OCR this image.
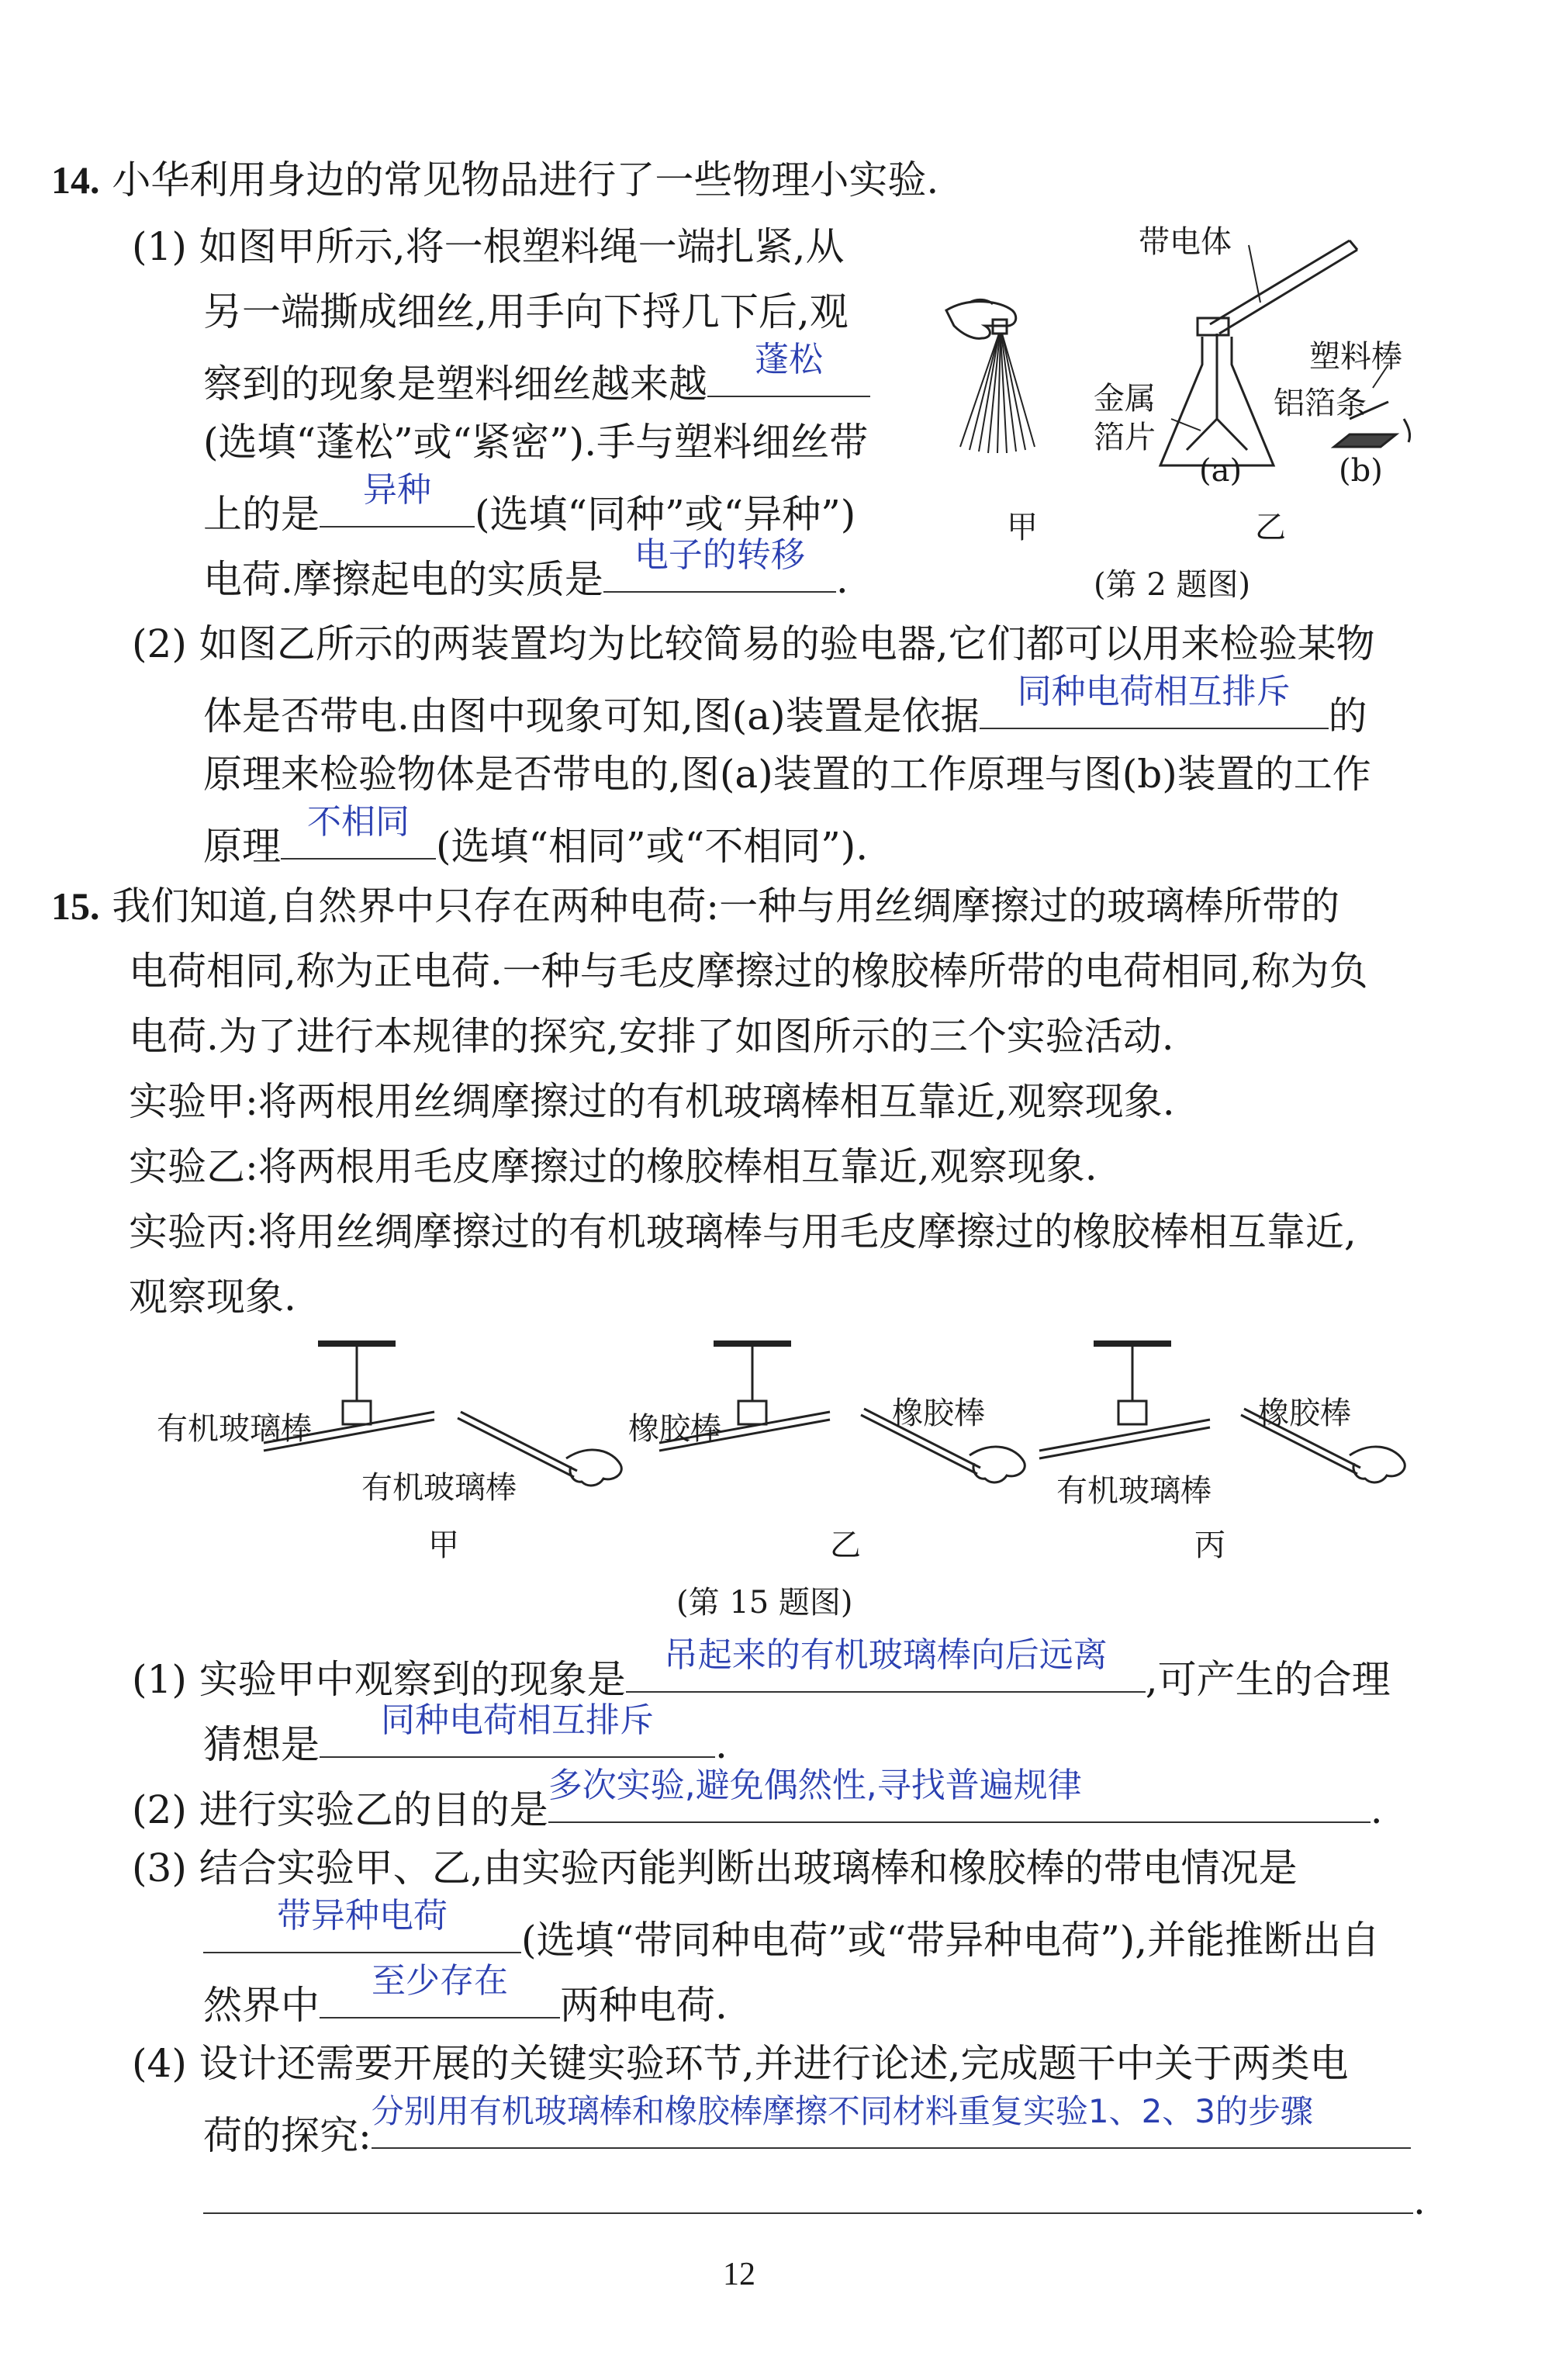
14. 小华利用身边的常见物品进行了一些物理小实验.
(1) 如图甲所示,将一根塑料绳一端扎紧,从
另一端撕成细丝,用手向下捋几下后,观
察到的现象是塑料细丝越来越
蓬松
(选填“蓬松”或“紧密”).手与塑料细丝带
上的是
异种
(选填“同种”或“异种”)
电荷.摩擦起电的实质是
电子的转移
.
带电体
塑料棒
金属	铝箔条
箔片
(a)	(b)
甲	乙
(第 2 题图)
(2) 如图乙所示的两装置均为比较简易的验电器,它们都可以用来检验某物
体是否带电.由图中现象可知,图(a)装置是依据
同种电荷相互排斥
的
原理来检验物体是否带电的,图(a)装置的工作原理与图(b)装置的工作
原理
不相同
(选填“相同”或“不相同”).
15. 我们知道,自然界中只存在两种电荷:一种与用丝绸摩擦过的玻璃棒所带的
电荷相同,称为正电荷.一种与毛皮摩擦过的橡胶棒所带的电荷相同,称为负
电荷.为了进行本规律的探究,安排了如图所示的三个实验活动.
实验甲:将两根用丝绸摩擦过的有机玻璃棒相互靠近,观察现象.
实验乙:将两根用毛皮摩擦过的橡胶棒相互靠近,观察现象.
实验丙:将用丝绸摩擦过的有机玻璃棒与用毛皮摩擦过的橡胶棒相互靠近,
观察现象.
有机玻璃棒
有机玻璃棒
甲
橡胶棒	橡胶棒
乙
有机玻璃棒
橡胶棒
丙
(第 15 题图)
(1) 实验甲中观察到的现象是
吊起来的有机玻璃棒向后远离
,可产生的合理
猜想是
同种电荷相互排斥
.
(2) 进行实验乙的目的是
多次实验,避免偶然性,寻找普遍规律
.
(3) 结合实验甲、乙,由实验丙能判断出玻璃棒和橡胶棒的带电情况是
带异种电荷
(选填“带同种电荷”或“带异种电荷”),并能推断出自
然界中
至少存在
两种电荷.
(4) 设计还需要开展的关键实验环节,并进行论述,完成题干中关于两类电
荷的探究:
分别用有机玻璃棒和橡胶棒摩擦不同材料重复实验1、2、3的步骤
.
12
